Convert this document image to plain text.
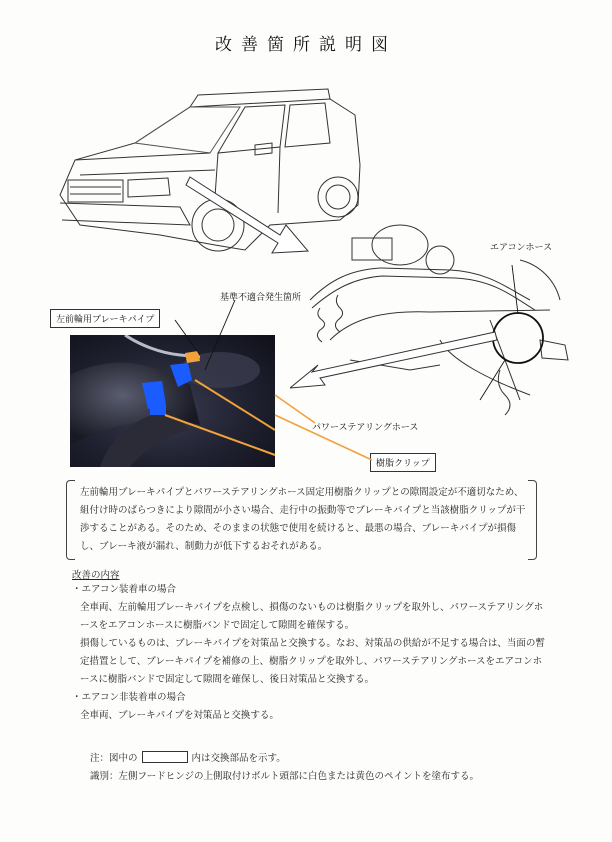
改善箇所説明図
エアコンホース
基準不適合発生箇所
左前輪用ブレーキパイプ
パワーステアリングホース
樹脂クリップ
左前輪用ブレーキパイプとパワーステアリングホース固定用樹脂クリップとの隙間設定が不適切なため、組付け時のばらつきにより隙間が小さい場合、走行中の振動等でブレーキパイプと当該樹脂クリップが干渉することがある。そのため、そのままの状態で使用を続けると、最悪の場合、ブレーキパイプが損傷し、ブレーキ液が漏れ、制動力が低下するおそれがある。
改善の内容
・エアコン装着車の場合
全車両、左前輪用ブレーキパイプを点検し、損傷のないものは樹脂クリップを取外し、パワーステアリングホースをエアコンホースに樹脂バンドで固定して隙間を確保する。
損傷しているものは、ブレーキパイプを対策品と交換する。なお、対策品の供給が不足する場合は、当面の暫定措置として、ブレーキパイプを補修の上、樹脂クリップを取外し、パワーステアリングホースをエアコンホースに樹脂バンドで固定して隙間を確保し、後日対策品と交換する。
・エアコン非装着車の場合
全車両、ブレーキパイプを対策品と交換する。
注：図中の	内は交換部品を示す。
識別：左側フードヒンジの上側取付けボルト頭部に白色または黄色のペイントを塗布する。
